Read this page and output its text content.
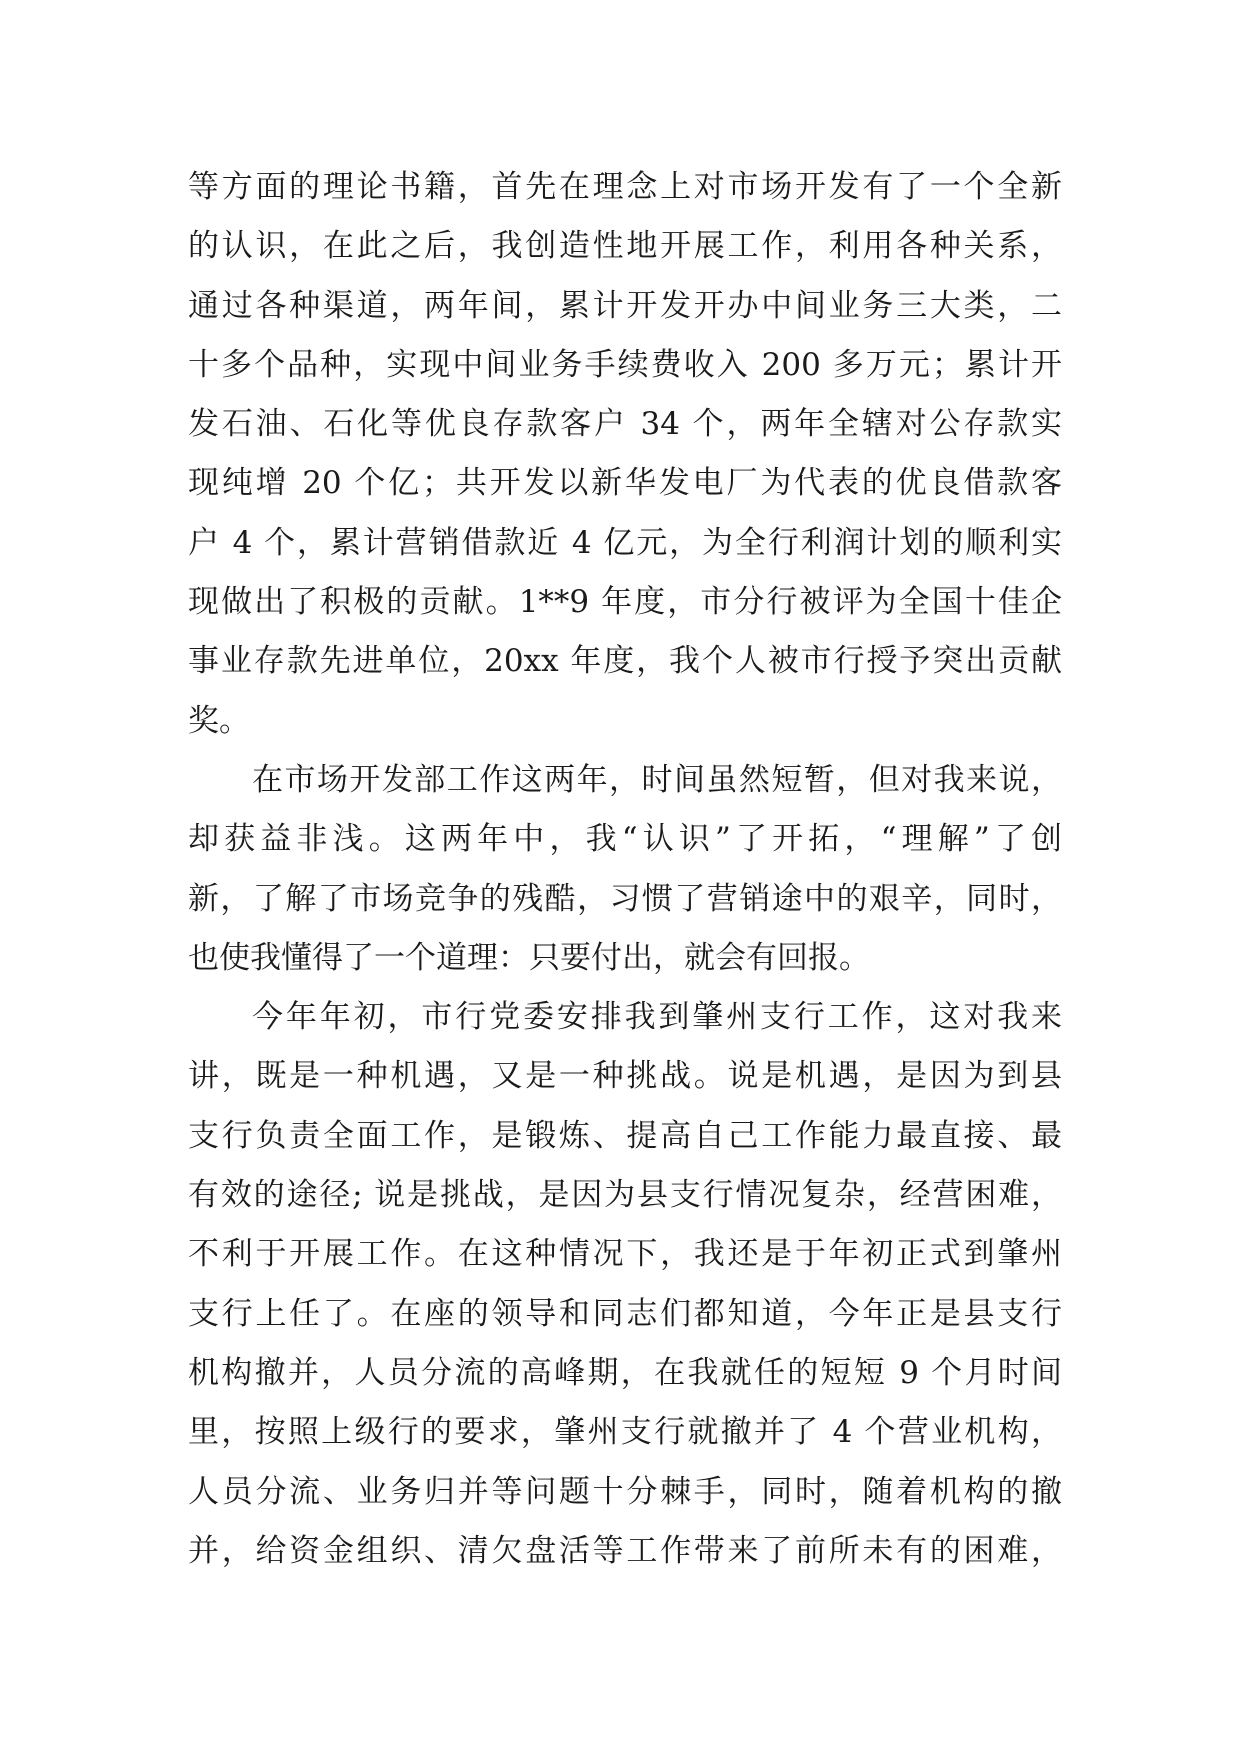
等方面的理论书籍，首先在理念上对市场开发有了一个全新
的认识，在此之后，我创造性地开展工作，利用各种关系，
通过各种渠道，两年间，累计开发开办中间业务三大类，二
十多个品种，实现中间业务手续费收入 200 多万元；累计开
发石油、石化等优良存款客户 34 个，两年全辖对公存款实
现纯增 20 个亿；共开发以新华发电厂为代表的优良借款客
户 4 个，累计营销借款近 4 亿元，为全行利润计划的顺利实
现做出了积极的贡献。1**9 年度，市分行被评为全国十佳企
事业存款先进单位，20xx 年度，我个人被市行授予突出贡献
奖。
在市场开发部工作这两年，时间虽然短暂，但对我来说，
却获益非浅。这两年中，我“认识”了开拓，“理解”了创
新，了解了市场竞争的残酷，习惯了营销途中的艰辛，同时，
也使我懂得了一个道理：只要付出，就会有回报。
今年年初，市行党委安排我到肇州支行工作，这对我来
讲，既是一种机遇，又是一种挑战。说是机遇，是因为到县
支行负责全面工作，是锻炼、提高自己工作能力最直接、最
有效的途径; 说是挑战，是因为县支行情况复杂，经营困难，
不利于开展工作。在这种情况下，我还是于年初正式到肇州
支行上任了。在座的领导和同志们都知道，今年正是县支行
机构撤并，人员分流的高峰期，在我就任的短短 9 个月时间
里，按照上级行的要求，肇州支行就撤并了 4 个营业机构，
人员分流、业务归并等问题十分棘手，同时，随着机构的撤
并，给资金组织、清欠盘活等工作带来了前所未有的困难，
